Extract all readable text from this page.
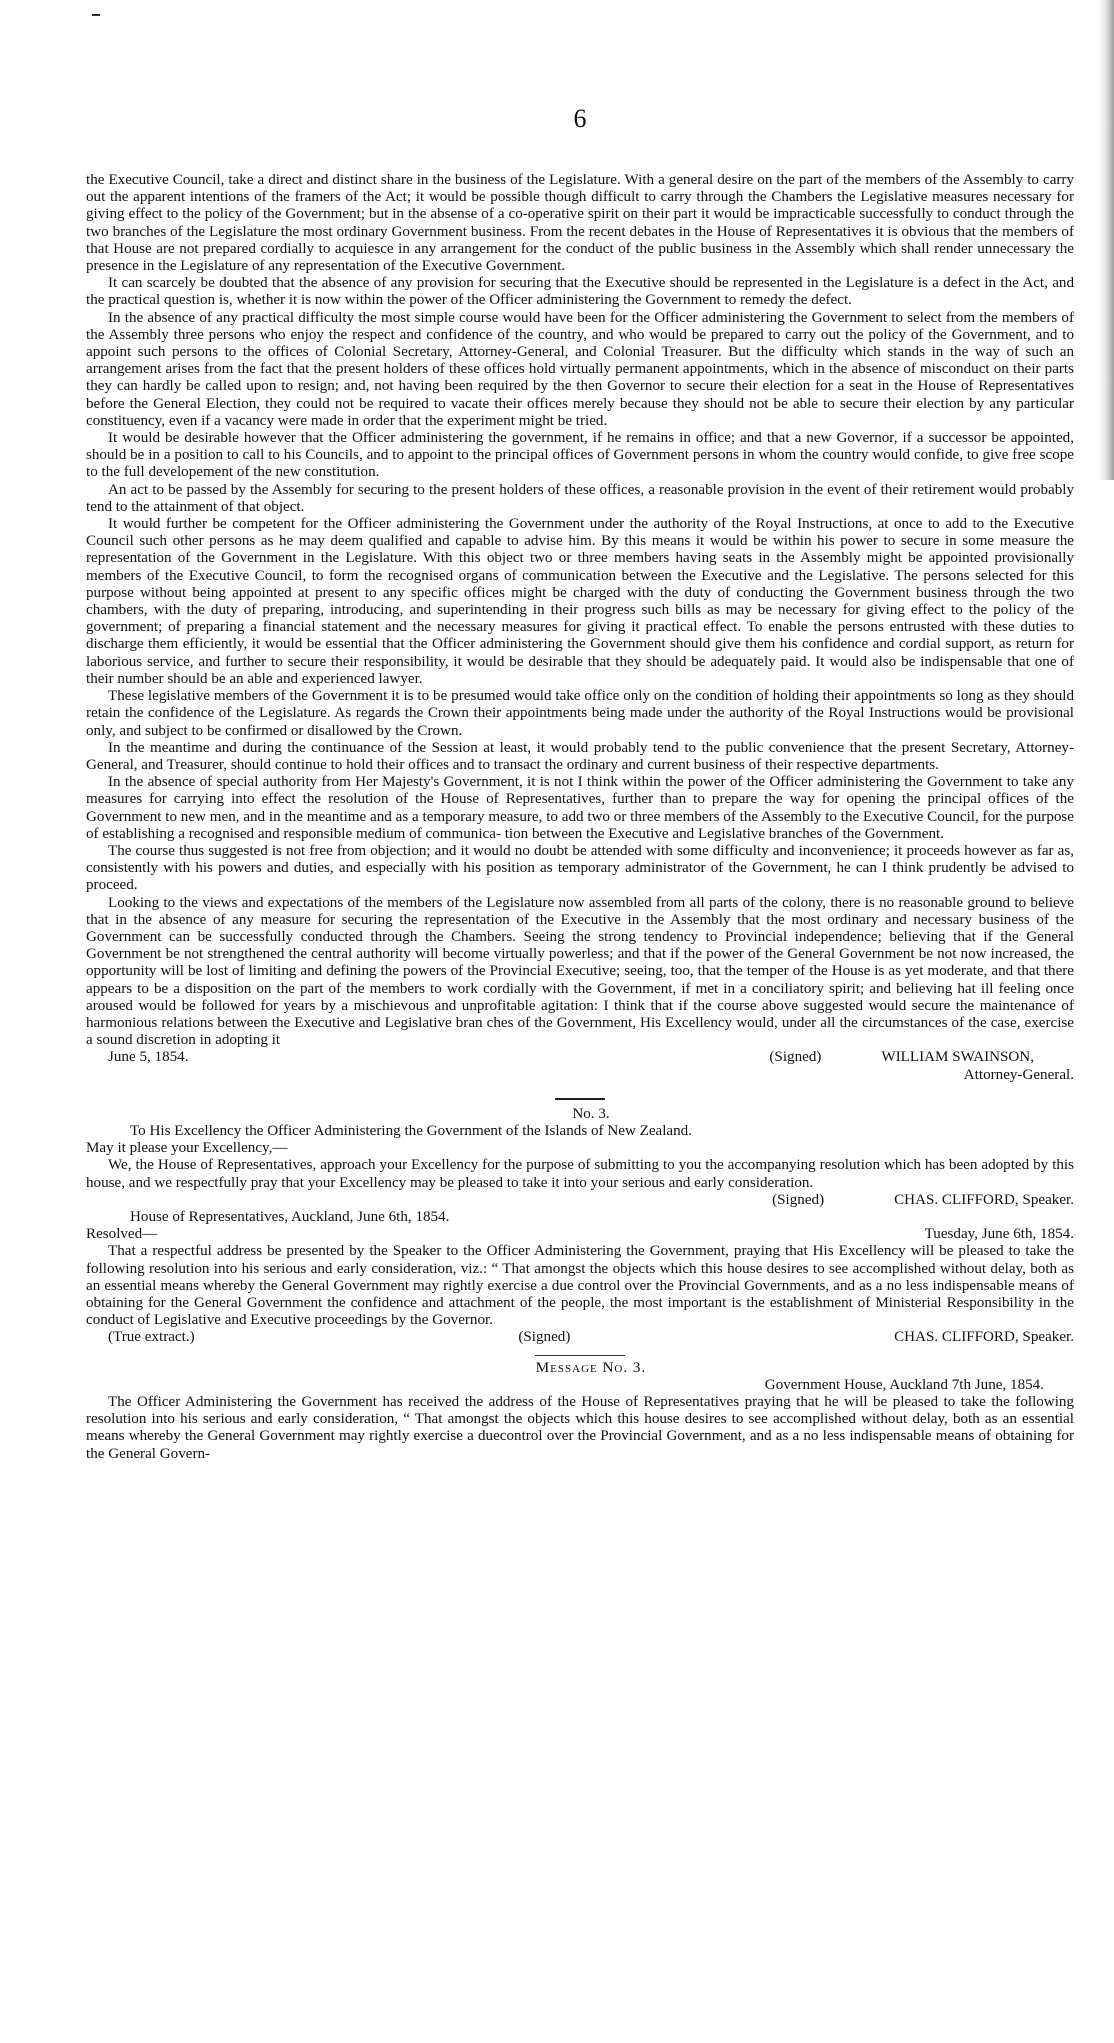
6

the Executive Council, take a direct and distinct share in the business of the Legislature. With a general desire on the part of the members of the Assembly to carry out the apparent intentions of the framers of the Act; it would be possible though difficult to carry through the Chambers the Legislative measures necessary for giving effect to the policy of the Government; but in the absense of a co-operative spirit on their part it would be impracticable successfully to conduct through the two branches of the Legislature the most ordinary Government business. From the recent debates in the House of Representatives it is obvious that the members of that House are not prepared cordially to acquiesce in any arrangement for the conduct of the public business in the Assembly which shall render unnecessary the presence in the Legislature of any representation of the Executive Government.

It can scarcely be doubted that the absence of any provision for securing that the Executive should be represented in the Legislature is a defect in the Act, and the practical question is, whether it is now within the power of the Officer administering the Government to remedy the defect.

In the absence of any practical difficulty the most simple course would have been for the Officer administering the Government to select from the members of the Assembly three persons who enjoy the respect and confidence of the country, and who would be prepared to carry out the policy of the Government, and to appoint such persons to the offices of Colonial Secretary, Attorney-General, and Colonial Treasurer. But the difficulty which stands in the way of such an arrangement arises from the fact that the present holders of these offices hold virtually permanent appointments, which in the absence of misconduct on their parts they can hardly be called upon to resign; and, not having been required by the then Governor to secure their election for a seat in the House of Representatives before the General Election, they could not be required to vacate their offices merely because they should not be able to secure their election by any particular constituency, even if a vacancy were made in order that the experiment might be tried.

It would be desirable however that the Officer administering the government, if he remains in office; and that a new Governor, if a successor be appointed, should be in a position to call to his Councils, and to appoint to the principal offices of Government persons in whom the country would confide, to give free scope to the full developement of the new constitution.

An act to be passed by the Assembly for securing to the present holders of these offices, a reasonable provision in the event of their retirement would probably tend to the attainment of that object.

It would further be competent for the Officer administering the Government under the authority of the Royal Instructions, at once to add to the Executive Council such other persons as he may deem qualified and capable to advise him. By this means it would be within his power to secure in some measure the representation of the Government in the Legislature. With this object two or three members having seats in the Assembly might be appointed provisionally members of the Executive Council, to form the recognised organs of communication between the Executive and the Legislative. The persons selected for this purpose without being appointed at present to any specific offices might be charged with the duty of conducting the Government business through the two chambers, with the duty of preparing, introducing, and superintending in their progress such bills as may be necessary for giving effect to the policy of the government; of preparing a financial statement and the necessary measures for giving it practical effect. To enable the persons entrusted with these duties to discharge them efficiently, it would be essential that the Officer administering the Government should give them his confidence and cordial support, as return for laborious service, and further to secure their responsibility, it would be desirable that they should be adequately paid. It would also be indispensable that one of their number should be an able and experienced lawyer.

These legislative members of the Government it is to be presumed would take office only on the condition of holding their appointments so long as they should retain the confidence of the Legislature. As regards the Crown their appointments being made under the authority of the Royal Instructions would be provisional only, and subject to be confirmed or disallowed by the Crown.

In the meantime and during the continuance of the Session at least, it would probably tend to the public convenience that the present Secretary, Attorney-General, and Treasurer, should continue to hold their offices and to transact the ordinary and current business of their respective departments.

In the absence of special authority from Her Majesty's Government, it is not I think within the power of the Officer administering the Government to take any measures for carrying into effect the resolution of the House of Representatives, further than to prepare the way for opening the principal offices of the Government to new men, and in the meantime and as a temporary measure, to add two or three members of the Assembly to the Executive Council, for the purpose of establishing a recognised and responsible medium of communica- tion between the Executive and Legislative branches of the Government.

The course thus suggested is not free from objection; and it would no doubt be attended with some difficulty and inconvenience; it proceeds however as far as, consistently with his powers and duties, and especially with his position as temporary administrator of the Government, he can I think prudently be advised to proceed.

Looking to the views and expectations of the members of the Legislature now assembled from all parts of the colony, there is no reasonable ground to believe that in the absence of any measure for securing the representation of the Executive in the Assembly that the most ordinary and necessary business of the Government can be successfully conducted through the Chambers. Seeing the strong tendency to Provincial independence; believing that if the General Government be not strengthened the central authority will become virtually powerless; and that if the power of the General Government be not now increased, the opportunity will be lost of limiting and defining the powers of the Provincial Executive; seeing, too, that the temper of the House is as yet moderate, and that there appears to be a disposition on the part of the members to work cordially with the Government, if met in a conciliatory spirit; and believing hat ill feeling once aroused would be followed for years by a mischievous and unprofitable agitation: I think that if the course above suggested would secure the maintenance of harmonious relations between the Executive and Legislative bran ches of the Government, His Excellency would, under all the circumstances of the case, exercise a sound discretion in adopting it

June 5, 1854.	(Signed)	WILLIAM SWAINSON,

Attorney-General.

No. 3.

To His Excellency the Officer Administering the Government of the Islands of New Zealand.

May it please your Excellency,—

We, the House of Representatives, approach your Excellency for the purpose of submitting to you the accompanying resolution which has been adopted by this house, and we respectfully pray that your Excellency may be pleased to take it into your serious and early consideration.

(Signed)	CHAS. CLIFFORD, Speaker.

House of Representatives, Auckland, June 6th, 1854.

Resolved—	Tuesday, June 6th, 1854.

That a respectful address be presented by the Speaker to the Officer Administering the Government, praying that His Excellency will be pleased to take the following resolution into his serious and early consideration, viz.: “ That amongst the objects which this house desires to see accomplished without delay, both as an essential means whereby the General Government may rightly exercise a due control over the Provincial Governments, and as a no less indispensable means of obtaining for the General Government the confidence and attachment of the people, the most important is the establishment of Ministerial Responsibility in the conduct of Legislative and Executive proceedings by the Governor.

(True extract.)	(Signed)	CHAS. CLIFFORD, Speaker.

Message No. 3.

Government House, Auckland 7th June, 1854.

The Officer Administering the Government has received the address of the House of Representatives praying that he will be pleased to take the following resolution into his serious and early consideration, “ That amongst the objects which this house desires to see accomplished without delay, both as an essential means whereby the General Government may rightly exercise a duecontrol over the Provincial Government, and as a no less indispensable means of obtaining for the General Govern-
